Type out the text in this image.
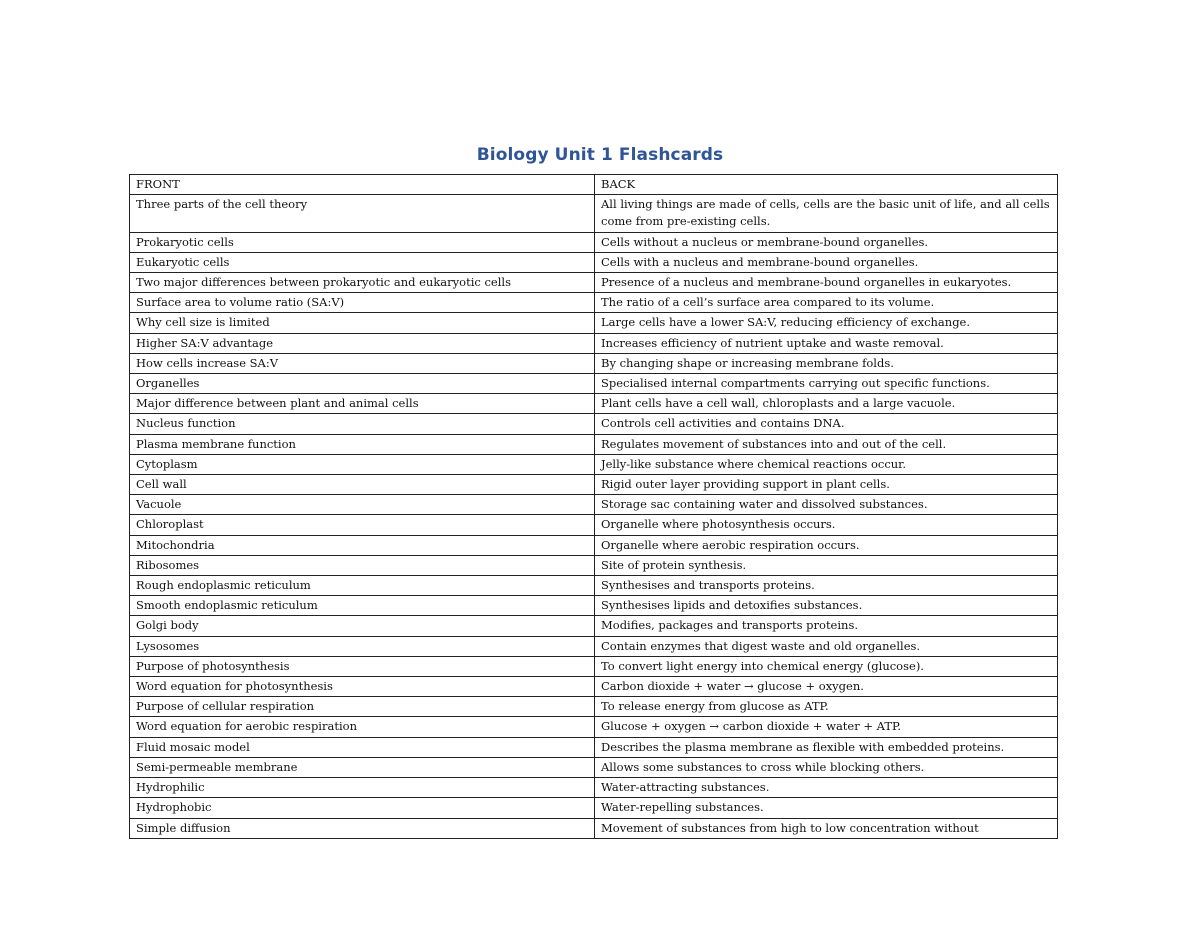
Biology Unit 1 Flashcards
FRONT	BACK
Three parts of the cell theory	All living things are made of cells, cells are the basic unit of life, and all cells come from pre-existing cells.
Prokaryotic cells	Cells without a nucleus or membrane-bound organelles.
Eukaryotic cells	Cells with a nucleus and membrane-bound organelles.
Two major differences between prokaryotic and eukaryotic cells	Presence of a nucleus and membrane-bound organelles in eukaryotes.
Surface area to volume ratio (SA:V)	The ratio of a cell’s surface area compared to its volume.
Why cell size is limited	Large cells have a lower SA:V, reducing efficiency of exchange.
Higher SA:V advantage	Increases efficiency of nutrient uptake and waste removal.
How cells increase SA:V	By changing shape or increasing membrane folds.
Organelles	Specialised internal compartments carrying out specific functions.
Major difference between plant and animal cells	Plant cells have a cell wall, chloroplasts and a large vacuole.
Nucleus function	Controls cell activities and contains DNA.
Plasma membrane function	Regulates movement of substances into and out of the cell.
Cytoplasm	Jelly-like substance where chemical reactions occur.
Cell wall	Rigid outer layer providing support in plant cells.
Vacuole	Storage sac containing water and dissolved substances.
Chloroplast	Organelle where photosynthesis occurs.
Mitochondria	Organelle where aerobic respiration occurs.
Ribosomes	Site of protein synthesis.
Rough endoplasmic reticulum	Synthesises and transports proteins.
Smooth endoplasmic reticulum	Synthesises lipids and detoxifies substances.
Golgi body	Modifies, packages and transports proteins.
Lysosomes	Contain enzymes that digest waste and old organelles.
Purpose of photosynthesis	To convert light energy into chemical energy (glucose).
Word equation for photosynthesis	Carbon dioxide + water → glucose + oxygen.
Purpose of cellular respiration	To release energy from glucose as ATP.
Word equation for aerobic respiration	Glucose + oxygen → carbon dioxide + water + ATP.
Fluid mosaic model	Describes the plasma membrane as flexible with embedded proteins.
Semi-permeable membrane	Allows some substances to cross while blocking others.
Hydrophilic	Water-attracting substances.
Hydrophobic	Water-repelling substances.
Simple diffusion	Movement of substances from high to low concentration without
